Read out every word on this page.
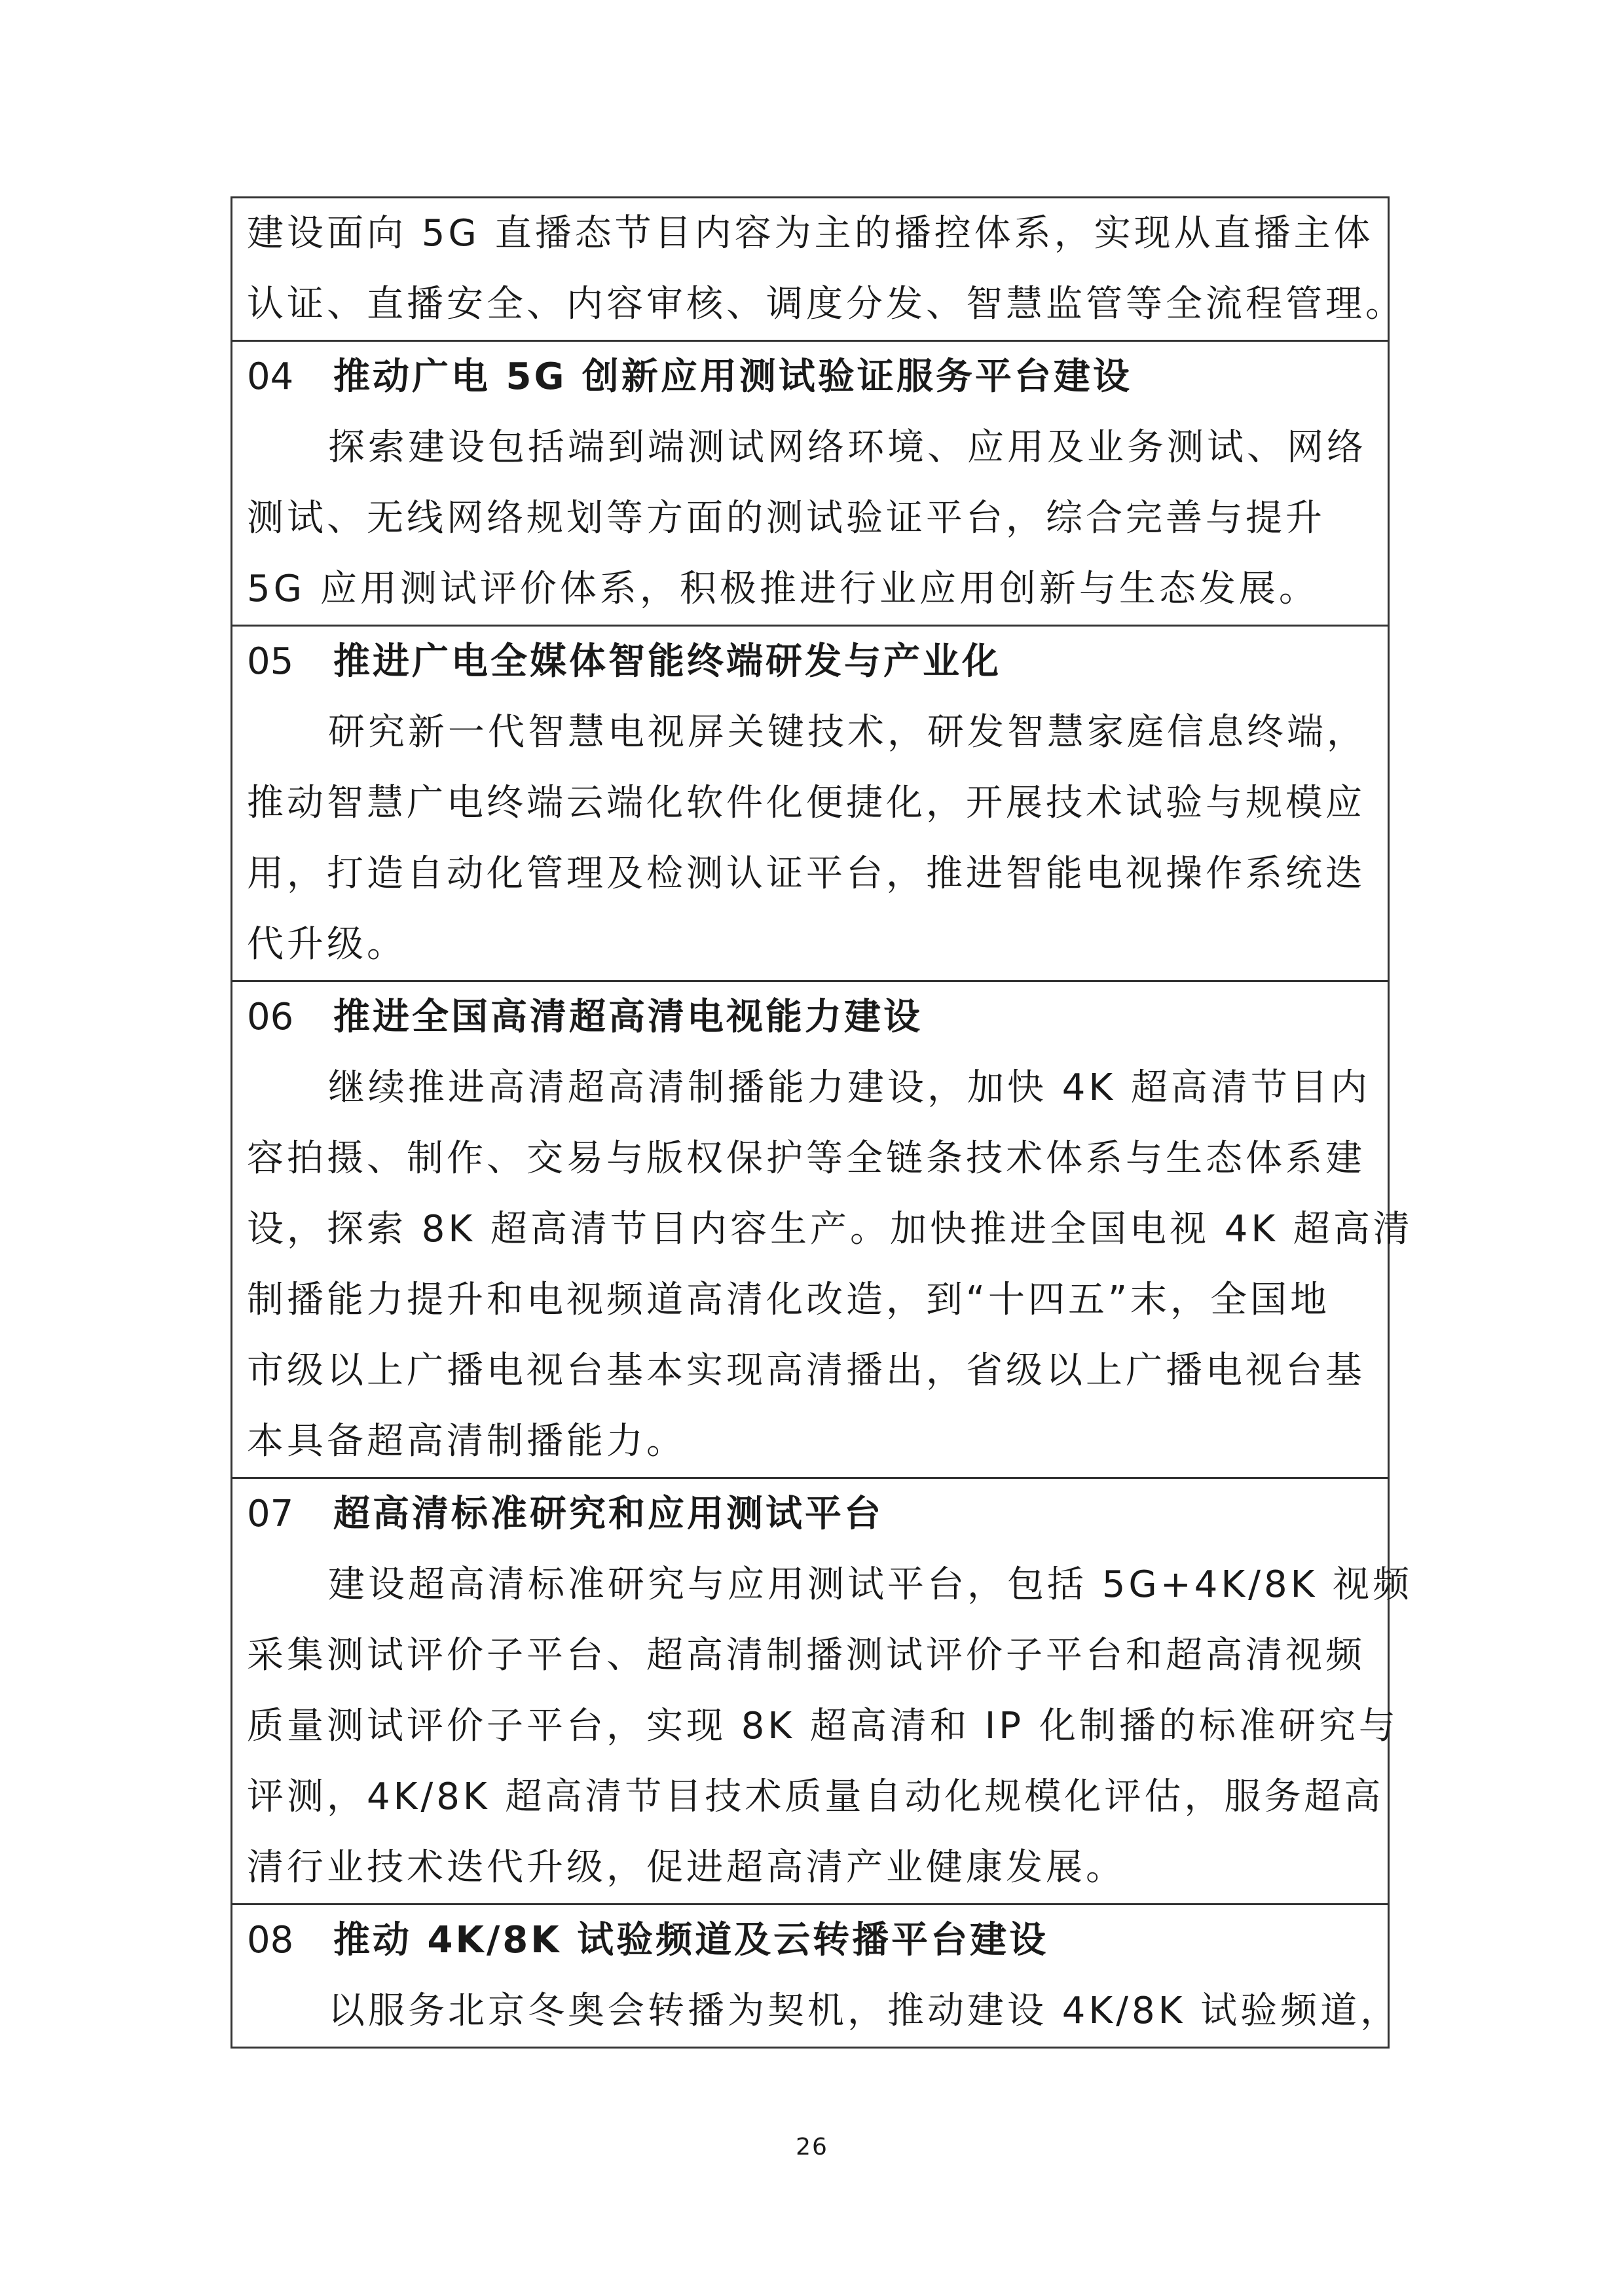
建设面向 5G 直播态节目内容为主的播控体系，实现从直播主体
认证、直播安全、内容审核、调度分发、智慧监管等全流程管理。
04	推动广电 5G 创新应用测试验证服务平台建设
探索建设包括端到端测试网络环境、应用及业务测试、网络
测试、无线网络规划等方面的测试验证平台，综合完善与提升
5G 应用测试评价体系，积极推进行业应用创新与生态发展。
05	推进广电全媒体智能终端研发与产业化
研究新一代智慧电视屏关键技术，研发智慧家庭信息终端，
推动智慧广电终端云端化软件化便捷化，开展技术试验与规模应
用，打造自动化管理及检测认证平台，推进智能电视操作系统迭
代升级。
06	推进全国高清超高清电视能力建设
继续推进高清超高清制播能力建设，加快 4K 超高清节目内
容拍摄、制作、交易与版权保护等全链条技术体系与生态体系建
设，探索 8K 超高清节目内容生产。加快推进全国电视 4K 超高清
制播能力提升和电视频道高清化改造，到“十四五”末，全国地
市级以上广播电视台基本实现高清播出，省级以上广播电视台基
本具备超高清制播能力。
07	超高清标准研究和应用测试平台
建设超高清标准研究与应用测试平台，包括 5G+4K/8K 视频
采集测试评价子平台、超高清制播测试评价子平台和超高清视频
质量测试评价子平台，实现 8K 超高清和 IP 化制播的标准研究与
评测，4K/8K 超高清节目技术质量自动化规模化评估，服务超高
清行业技术迭代升级，促进超高清产业健康发展。
08	推动 4K/8K 试验频道及云转播平台建设
以服务北京冬奥会转播为契机，推动建设 4K/8K 试验频道，
26
